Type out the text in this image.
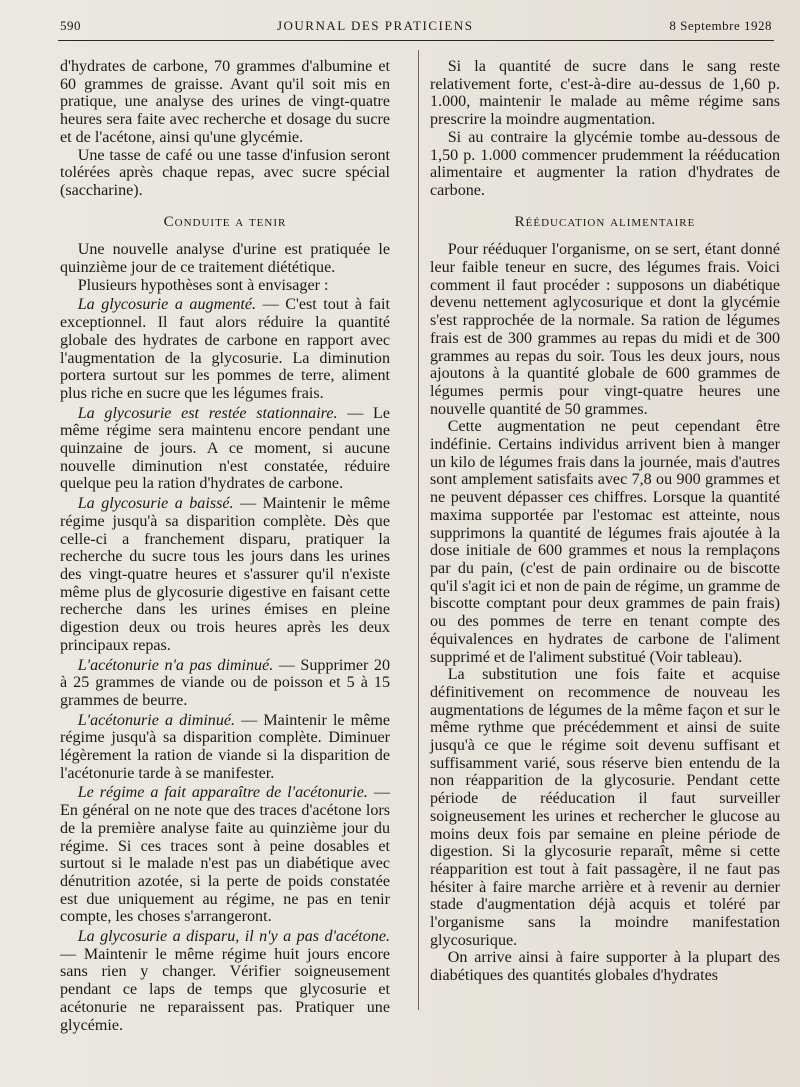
590	JOURNAL DES PRATICIENS	8 Septembre 1928

d'hydrates de carbone, 70 grammes d'albumine et 60 grammes de graisse. Avant qu'il soit mis en pratique, une analyse des urines de vingt-quatre heures sera faite avec recherche et dosage du sucre et de l'acétone, ainsi qu'une glycémie.

Une tasse de café ou une tasse d'infusion seront tolérées après chaque repas, avec sucre spécial (saccharine).

Conduite a tenir

Une nouvelle analyse d'urine est pratiquée le quinzième jour de ce traitement diététique.

Plusieurs hypothèses sont à envisager :

La glycosurie a augmenté. — C'est tout à fait exceptionnel. Il faut alors réduire la quantité globale des hydrates de carbone en rapport avec l'augmentation de la glycosurie. La diminution portera surtout sur les pommes de terre, aliment plus riche en sucre que les légumes frais.

La glycosurie est restée stationnaire. — Le même régime sera maintenu encore pendant une quinzaine de jours. A ce moment, si aucune nouvelle diminution n'est constatée, réduire quelque peu la ration d'hydrates de carbone.

La glycosurie a baissé. — Maintenir le même régime jusqu'à sa disparition complète. Dès que celle-ci a franchement disparu, pratiquer la recherche du sucre tous les jours dans les urines des vingt-quatre heures et s'assurer qu'il n'existe même plus de glycosurie digestive en faisant cette recherche dans les urines émises en pleine digestion deux ou trois heures après les deux principaux repas.

L'acétonurie n'a pas diminué. — Supprimer 20 à 25 grammes de viande ou de poisson et 5 à 15 grammes de beurre.

L'acétonurie a diminué. — Maintenir le même régime jusqu'à sa disparition complète. Diminuer légèrement la ration de viande si la disparition de l'acétonurie tarde à se manifester.

Le régime a fait apparaître de l'acétonurie. — En général on ne note que des traces d'acétone lors de la première analyse faite au quinzième jour du régime. Si ces traces sont à peine dosables et surtout si le malade n'est pas un diabétique avec dénutrition azotée, si la perte de poids constatée est due uniquement au régime, ne pas en tenir compte, les choses s'arrangeront.

La glycosurie a disparu, il n'y a pas d'acétone. — Maintenir le même régime huit jours encore sans rien y changer. Vérifier soigneusement pendant ce laps de temps que glycosurie et acétonurie ne reparaissent pas. Pratiquer une glycémie.

Si la quantité de sucre dans le sang reste relativement forte, c'est-à-dire au-dessus de 1,60 p. 1.000, maintenir le malade au même régime sans prescrire la moindre augmentation.

Si au contraire la glycémie tombe au-dessous de 1,50 p. 1.000 commencer prudemment la rééducation alimentaire et augmenter la ration d'hydrates de carbone.

Rééducation alimentaire

Pour rééduquer l'organisme, on se sert, étant donné leur faible teneur en sucre, des légumes frais. Voici comment il faut procéder : supposons un diabétique devenu nettement aglycosurique et dont la glycémie s'est rapprochée de la normale. Sa ration de légumes frais est de 300 grammes au repas du midi et de 300 grammes au repas du soir. Tous les deux jours, nous ajoutons à la quantité globale de 600 grammes de légumes permis pour vingt-quatre heures une nouvelle quantité de 50 grammes.

Cette augmentation ne peut cependant être indéfinie. Certains individus arrivent bien à manger un kilo de légumes frais dans la journée, mais d'autres sont amplement satisfaits avec 7,8 ou 900 grammes et ne peuvent dépasser ces chiffres. Lorsque la quantité maxima supportée par l'estomac est atteinte, nous supprimons la quantité de légumes frais ajoutée à la dose initiale de 600 grammes et nous la remplaçons par du pain, (c'est de pain ordinaire ou de biscotte qu'il s'agit ici et non de pain de régime, un gramme de biscotte comptant pour deux grammes de pain frais) ou des pommes de terre en tenant compte des équivalences en hydrates de carbone de l'aliment supprimé et de l'aliment substitué (Voir tableau).

La substitution une fois faite et acquise définitivement on recommence de nouveau les augmentations de légumes de la même façon et sur le même rythme que précédemment et ainsi de suite jusqu'à ce que le régime soit devenu suffisant et suffisamment varié, sous réserve bien entendu de la non réapparition de la glycosurie. Pendant cette période de rééducation il faut surveiller soigneusement les urines et rechercher le glucose au moins deux fois par semaine en pleine période de digestion. Si la glycosurie reparaît, même si cette réapparition est tout à fait passagère, il ne faut pas hésiter à faire marche arrière et à revenir au dernier stade d'augmentation déjà acquis et toléré par l'organisme sans la moindre manifestation glycosurique.

On arrive ainsi à faire supporter à la plupart des diabétiques des quantités globales d'hydrates
